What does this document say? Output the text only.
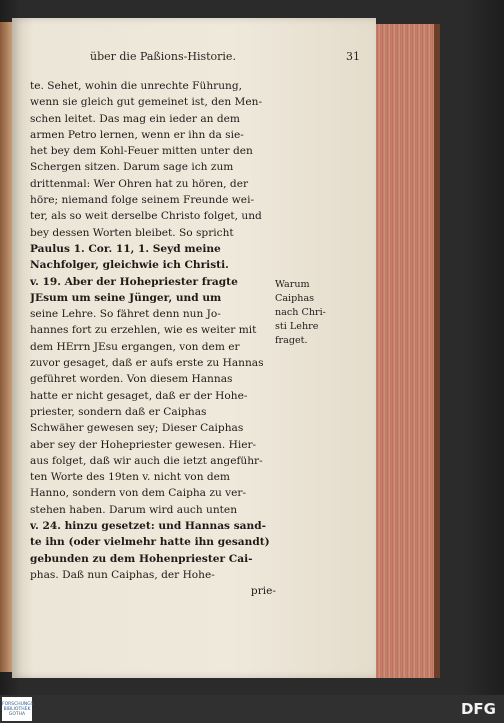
über die Paßions-Historie.	31
te. Sehet, wohin die unrechte Führung,
wenn sie gleich gut gemeinet ist, den Men-
schen leitet. Das mag ein ieder an dem
armen Petro lernen, wenn er ihn da sie-
het bey dem Kohl-Feuer mitten unter den
Schergen sitzen. Darum sage ich zum
drittenmal: Wer Ohren hat zu hören, der
höre; niemand folge seinem Freunde wei-
ter, als so weit derselbe Christo folget, und
bey dessen Worten bleibet. So spricht
Paulus 1. Cor. 11, 1. Seyd meine
Nachfolger, gleichwie ich Christi.
v. 19. Aber der Hohepriester fragte
JEsum um seine Jünger, und um
seine Lehre. So fähret denn nun Jo-
hannes fort zu erzehlen, wie es weiter mit
dem HErrn JEsu ergangen, von dem er
zuvor gesaget, daß er aufs erste zu Hannas
geführet worden. Von diesem Hannas
hatte er nicht gesaget, daß er der Hohe-
priester, sondern daß er Caiphas
Schwäher gewesen sey; Dieser Caiphas
aber sey der Hohepriester gewesen. Hier-
aus folget, daß wir auch die ietzt angeführ-
ten Worte des 19ten v. nicht von dem
Hanno, sondern von dem Caipha zu ver-
stehen haben. Darum wird auch unten
v. 24. hinzu gesetzet: und Hannas sand-
te ihn (oder vielmehr hatte ihn gesandt)
gebunden zu dem Hohenpriester Cai-
phas. Daß nun Caiphas, der Hohe-
prie-
Warum
Caiphas
nach Chri-
sti Lehre
fraget.
FORSCHUNGS BIBLIOTHEK GOTHA	DFG
